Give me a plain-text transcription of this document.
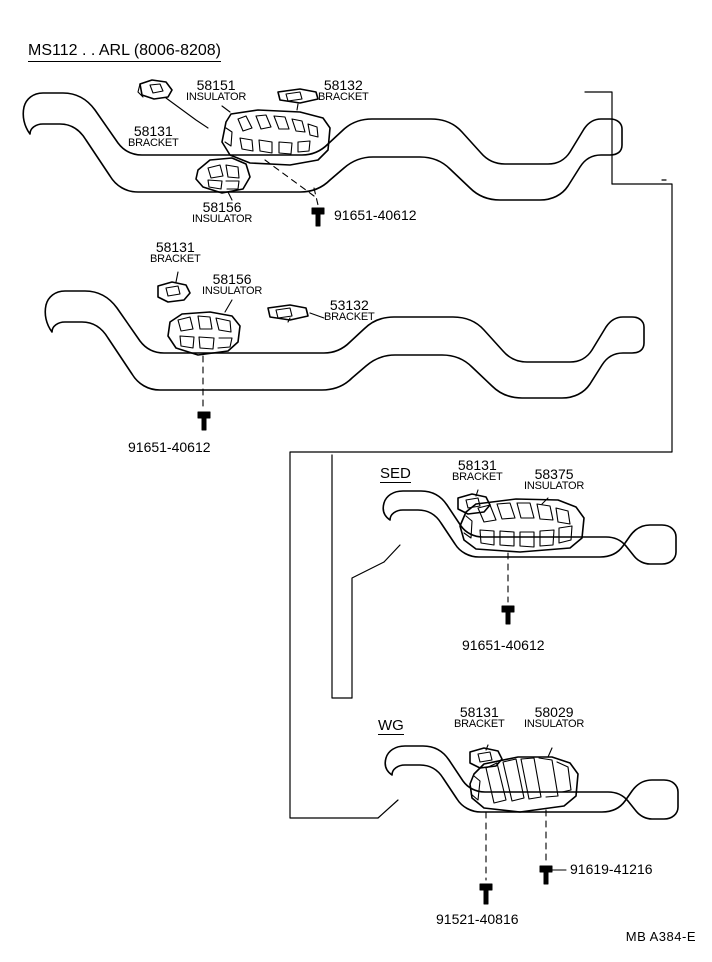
MS112 . . ARL (8006-8208)
58151
INSULATOR
58132
BRACKET
58131
BRACKET
58156
INSULATOR
58131
BRACKET
58156
INSULATOR
53132
BRACKET
58131
BRACKET	58375
INSULATOR
58131
BRACKET
58029
INSULATOR
91651-40612
91651-40612
91651-40612
91619-41216
91521-40816
SED
WG
MB A384-E
